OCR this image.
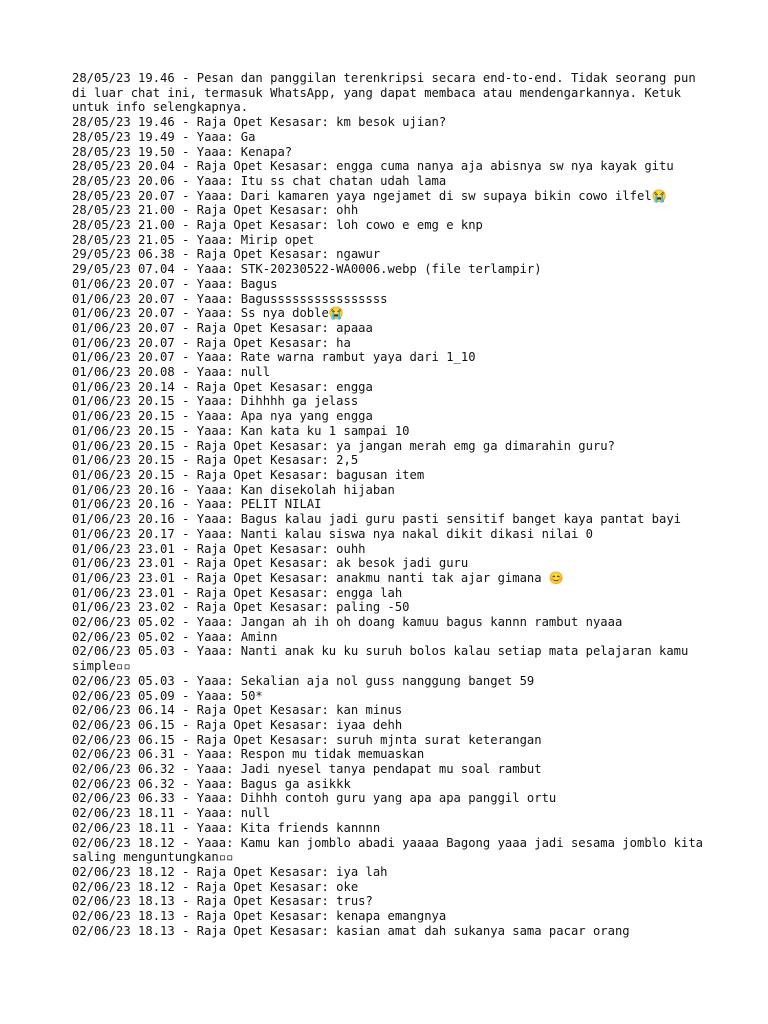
28/05/23 19.46 - Pesan dan panggilan terenkripsi secara end-to-end. Tidak seorang pun di luar chat ini, termasuk WhatsApp, yang dapat membaca atau mendengarkannya. Ketuk untuk info selengkapnya.
28/05/23 19.46 - Raja Opet Kesasar: km besok ujian?
28/05/23 19.49 - Yaaa: Ga
28/05/23 19.50 - Yaaa: Kenapa?
28/05/23 20.04 - Raja Opet Kesasar: engga cuma nanya aja abisnya sw nya kayak gitu
28/05/23 20.06 - Yaaa: Itu ss chat chatan udah lama
28/05/23 20.07 - Yaaa: Dari kamaren yaya ngejamet di sw supaya bikin cowo ilfel😭
28/05/23 21.00 - Raja Opet Kesasar: ohh
28/05/23 21.00 - Raja Opet Kesasar: loh cowo e emg e knp
28/05/23 21.05 - Yaaa: Mirip opet
29/05/23 06.38 - Raja Opet Kesasar: ngawur
29/05/23 07.04 - Yaaa: STK-20230522-WA0006.webp (file terlampir)
01/06/23 20.07 - Yaaa: Bagus
01/06/23 20.07 - Yaaa: Bagussssssssssssssss
01/06/23 20.07 - Yaaa: Ss nya doble😭
01/06/23 20.07 - Raja Opet Kesasar: apaaa
01/06/23 20.07 - Raja Opet Kesasar: ha
01/06/23 20.07 - Yaaa: Rate warna rambut yaya dari 1_10
01/06/23 20.08 - Yaaa: null
01/06/23 20.14 - Raja Opet Kesasar: engga
01/06/23 20.15 - Yaaa: Dihhhh ga jelass
01/06/23 20.15 - Yaaa: Apa nya yang engga
01/06/23 20.15 - Yaaa: Kan kata ku 1 sampai 10
01/06/23 20.15 - Raja Opet Kesasar: ya jangan merah emg ga dimarahin guru?
01/06/23 20.15 - Raja Opet Kesasar: 2,5
01/06/23 20.15 - Raja Opet Kesasar: bagusan item
01/06/23 20.16 - Yaaa: Kan disekolah hijaban
01/06/23 20.16 - Yaaa: PELIT NILAI
01/06/23 20.16 - Yaaa: Bagus kalau jadi guru pasti sensitif banget kaya pantat bayi
01/06/23 20.17 - Yaaa: Nanti kalau siswa nya nakal dikit dikasi nilai 0
01/06/23 23.01 - Raja Opet Kesasar: ouhh
01/06/23 23.01 - Raja Opet Kesasar: ak besok jadi guru
01/06/23 23.01 - Raja Opet Kesasar: anakmu nanti tak ajar gimana 😊
01/06/23 23.01 - Raja Opet Kesasar: engga lah
01/06/23 23.02 - Raja Opet Kesasar: paling -50
02/06/23 05.02 - Yaaa: Jangan ah ih oh doang kamuu bagus kannn rambut nyaaa
02/06/23 05.02 - Yaaa: Aminn
02/06/23 05.03 - Yaaa: Nanti anak ku ku suruh bolos kalau setiap mata pelajaran kamu simple▫▫
02/06/23 05.03 - Yaaa: Sekalian aja nol guss nanggung banget 59
02/06/23 05.09 - Yaaa: 50*
02/06/23 06.14 - Raja Opet Kesasar: kan minus
02/06/23 06.15 - Raja Opet Kesasar: iyaa dehh
02/06/23 06.15 - Raja Opet Kesasar: suruh mjnta surat keterangan
02/06/23 06.31 - Yaaa: Respon mu tidak memuaskan
02/06/23 06.32 - Yaaa: Jadi nyesel tanya pendapat mu soal rambut
02/06/23 06.32 - Yaaa: Bagus ga asikkk
02/06/23 06.33 - Yaaa: Dihhh contoh guru yang apa apa panggil ortu
02/06/23 18.11 - Yaaa: null
02/06/23 18.11 - Yaaa: Kita friends kannnn
02/06/23 18.12 - Yaaa: Kamu kan jomblo abadi yaaaa Bagong yaaa jadi sesama jomblo kita saling menguntungkan▫▫
02/06/23 18.12 - Raja Opet Kesasar: iya lah
02/06/23 18.12 - Raja Opet Kesasar: oke
02/06/23 18.13 - Raja Opet Kesasar: trus?
02/06/23 18.13 - Raja Opet Kesasar: kenapa emangnya
02/06/23 18.13 - Raja Opet Kesasar: kasian amat dah sukanya sama pacar orang
